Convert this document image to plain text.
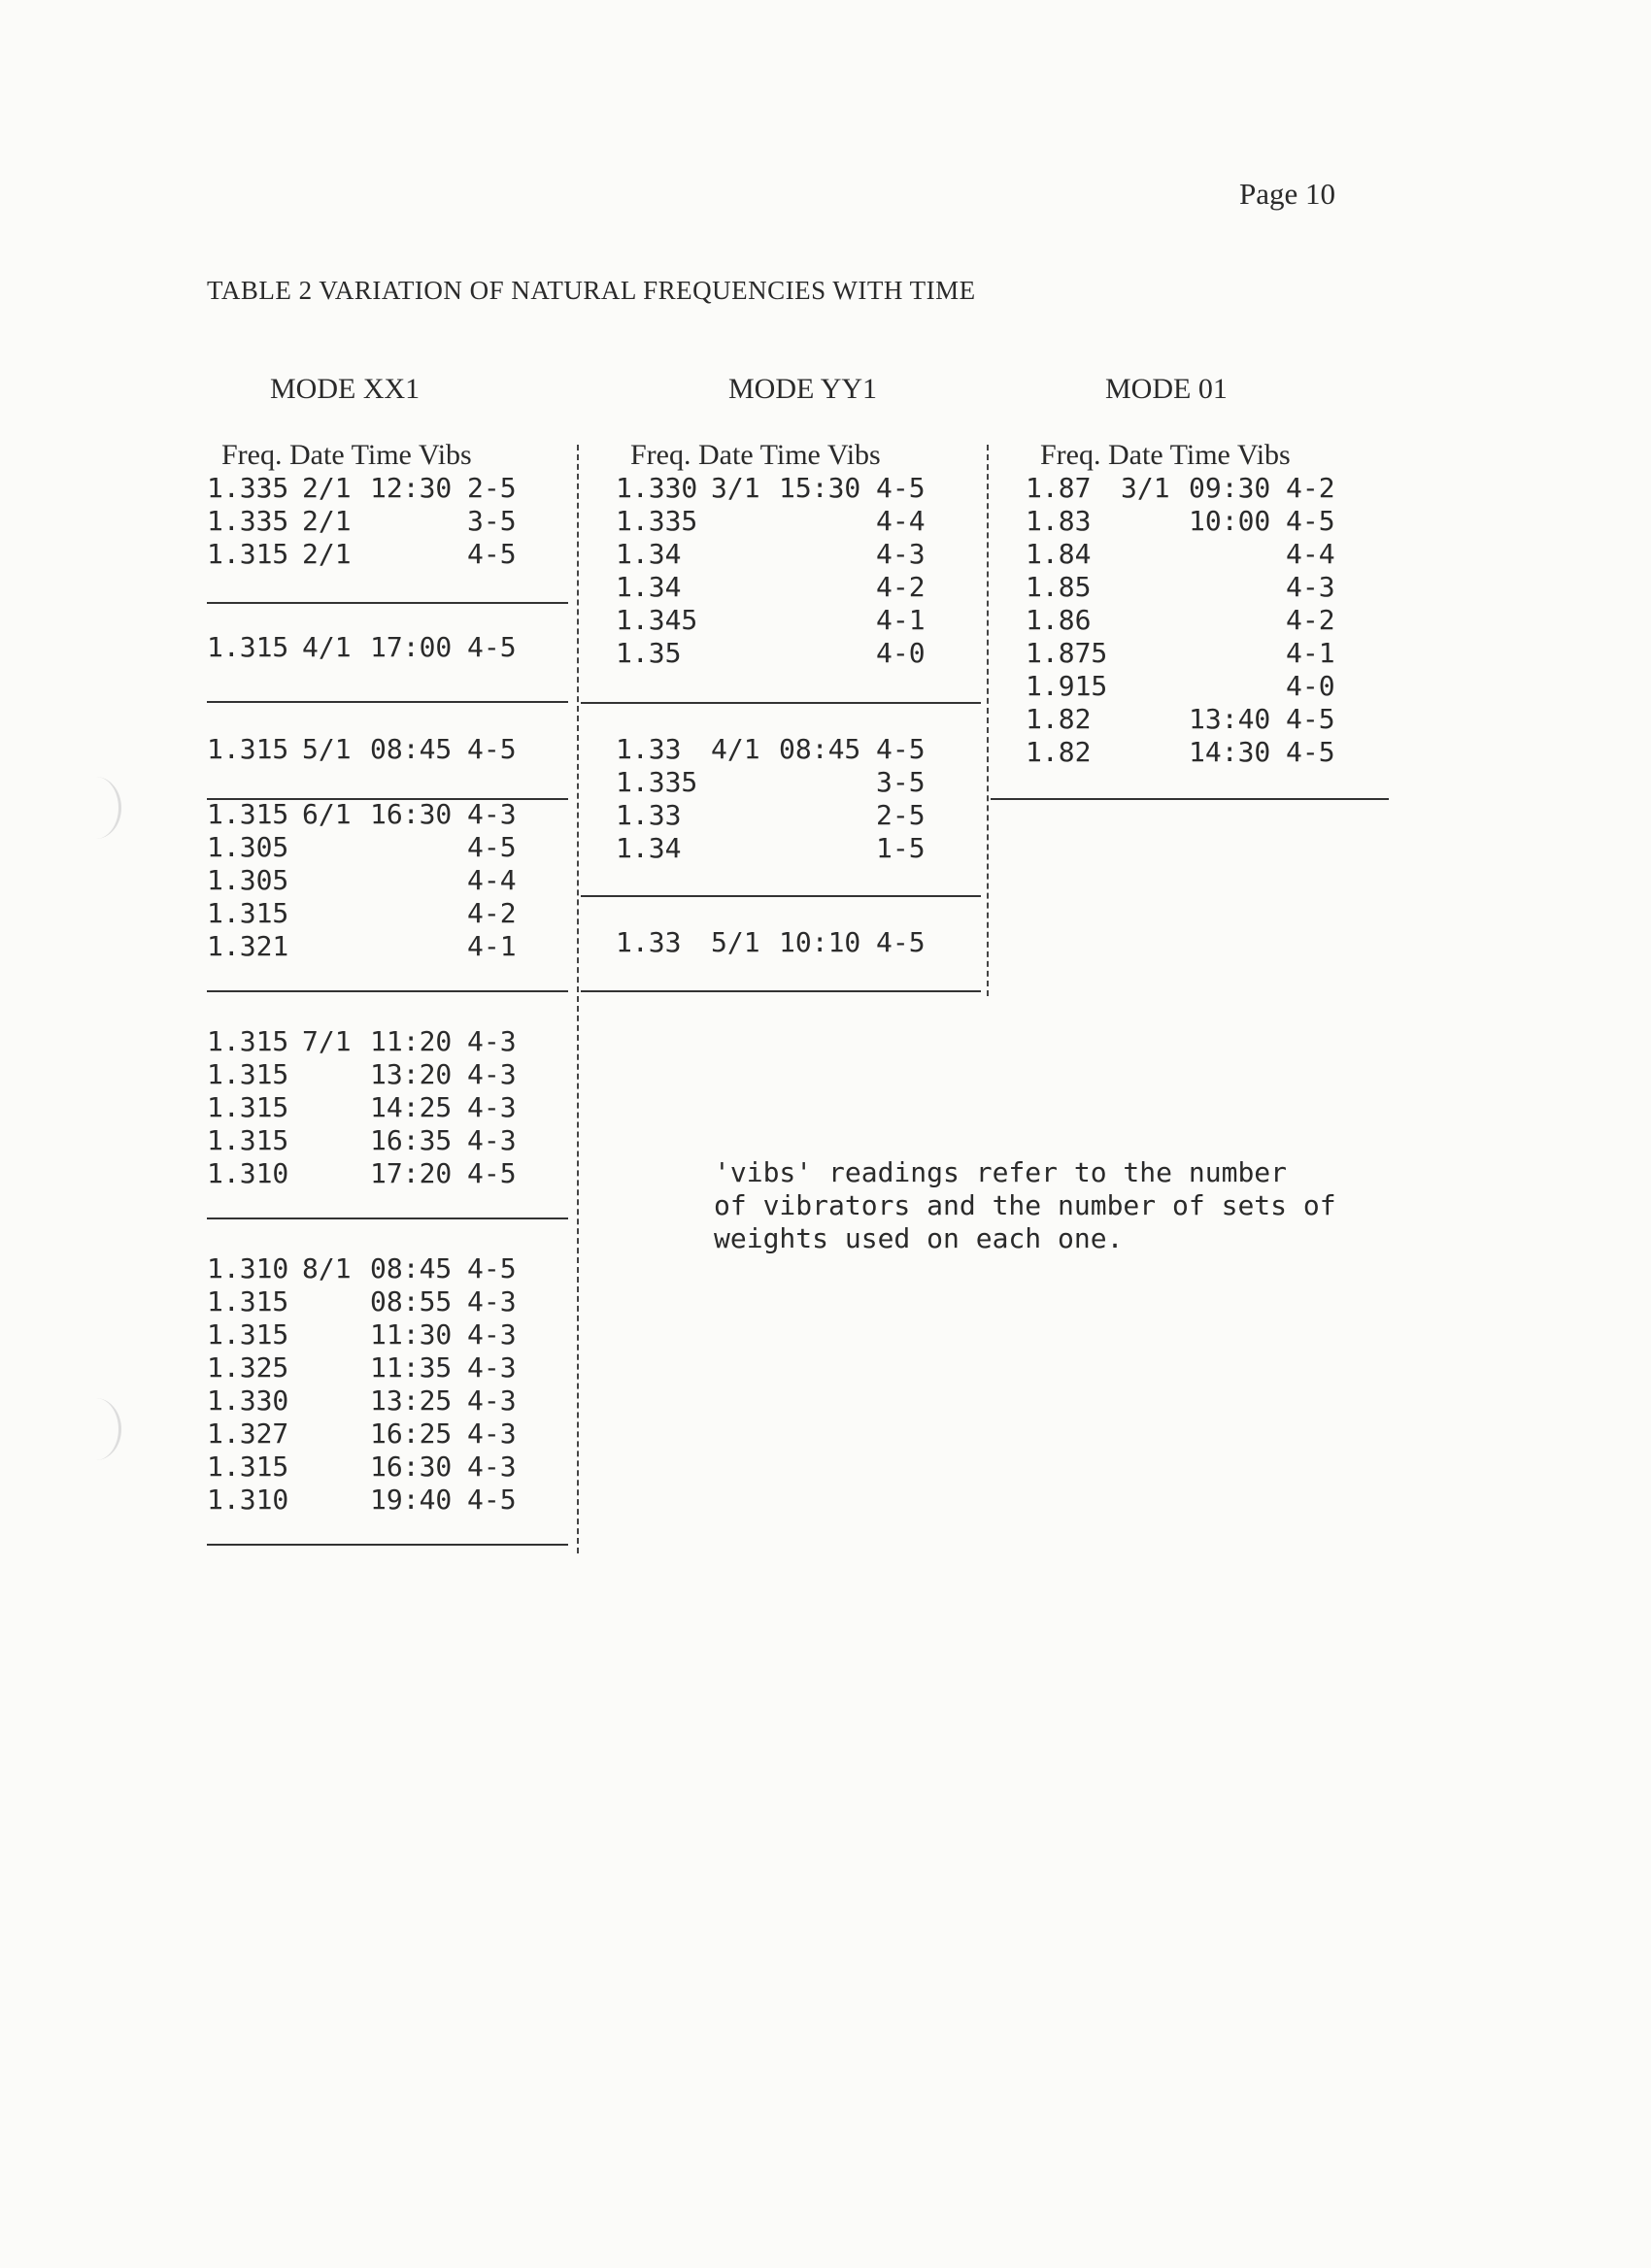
Page 10
TABLE 2 VARIATION OF NATURAL FREQUENCIES WITH TIME
MODE XX1	MODE YY1	MODE 01

Freq. Date Time Vibs	Freq. Date Time Vibs	Freq. Date Time Vibs

1.335 2/1 12:30 2-5
1.335 2/1	3-5
1.315 2/1	4-5
1.315 4/1 17:00 4-5
1.315 5/1 08:45 4-5
1.315 6/1 16:30 4-3
1.305	4-5
1.305	4-4
1.315	4-2
1.321	4-1
1.315 7/1 11:20 4-3
1.315	13:20 4-3
1.315	14:25 4-3
1.315	16:35 4-3
1.310	17:20 4-5
1.310 8/1 08:45 4-5
1.315	08:55 4-3
1.315	11:30 4-3
1.325	11:35 4-3
1.330	13:25 4-3
1.327	16:25 4-3
1.315	16:30 4-3
1.310	19:40 4-5
1.330 3/1 15:30 4-5
1.335	4-4
1.34	4-3
1.34	4-2
1.345	4-1
1.35	4-0
1.33 4/1 08:45 4-5
1.335	3-5
1.33	2-5
1.34	1-5
1.33 5/1 10:10 4-5
1.87 3/1 09:30 4-2
1.83	10:00 4-5
1.84	4-4
1.85	4-3
1.86	4-2
1.875	4-1
1.915	4-0
1.82	13:40 4-5
1.82	14:30 4-5
'vibs' readings refer to the number
of vibrators and the number of sets of
weights used on each one.
